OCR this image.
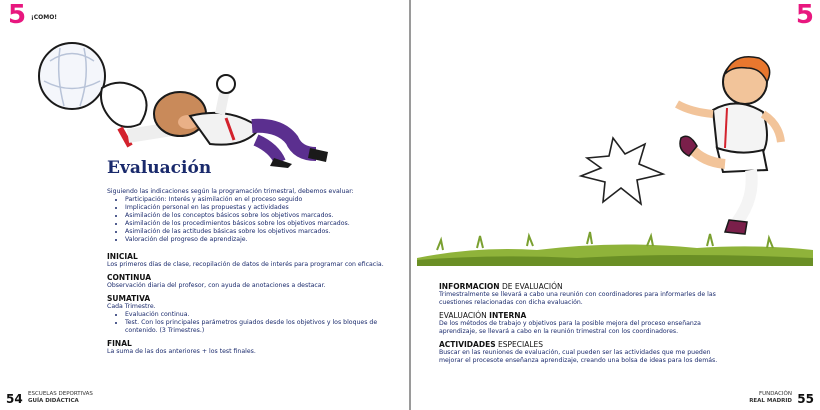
5 ¡COMO!
Evaluación
Siguiendo las indicaciones según la programación trimestral, debemos evaluar:
• Participación: Interés y asimilación en el proceso seguido
• Implicación personal en las propuestas y actividades
• Asimilación de los conceptos básicos sobre los objetivos marcados.
• Asimilación de los procedimientos básicos sobre los objetivos marcados.
• Asimilación de las actitudes básicas sobre los objetivos marcados.
• Valoración del progreso de aprendizaje.
INICIAL
Los primeros días de clase, recopilación de datos de interés para programar con eficacia.
CONTINUA
Observación diaria del profesor, con ayuda de anotaciones a destacar.
SUMATIVA
Cada Trimestre.
• Evaluación continua.
• Test. Con los principales parámetros guiados desde los objetivos y los bloques de contenido. (3 Trimestres.)
FINAL
La suma de las dos anteriores + los test finales.
54 ESCUELAS DEPORTIVAS
GUÍA DIDÁCTICA
5
INFORMACION DE EVALUACIÓN
Trimestralmente se llevará a cabo una reunión con coordinadores para informarles de las cuestiones relacionadas con dicha evaluación.
EVALUACIÓN INTERNA
De los métodos de trabajo y objetivos para la posible mejora del proceso enseñanza aprendizaje, se llevará a cabo en la reunión trimestral con los coordinadores.
ACTIVIDADES ESPECIALES
Buscar en las reuniones de evaluación, cual pueden ser las actividades que me pueden mejorar el procesote enseñanza aprendizaje, creando una bolsa de ideas para los demás.
FUNDACIÓN
REAL MADRID 55
